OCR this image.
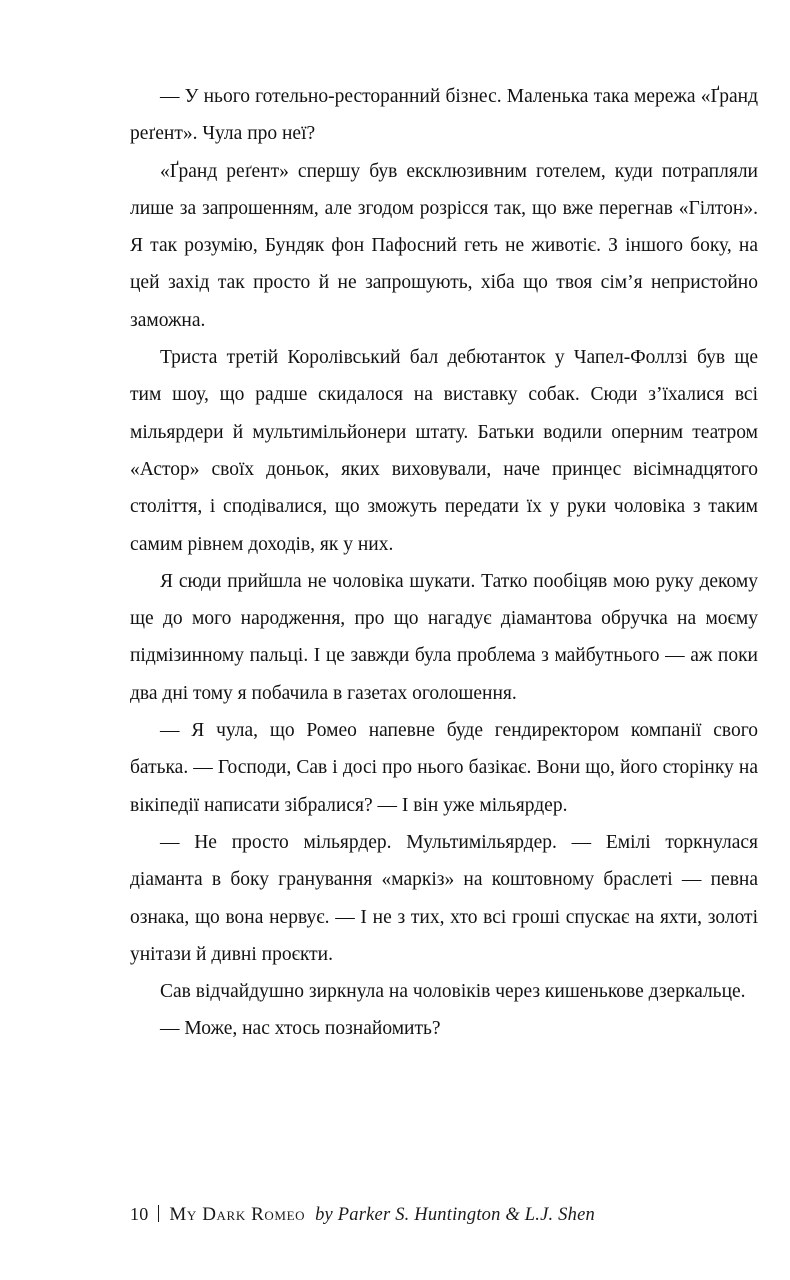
— У нього готельно-ресторанний бізнес. Маленька така мережа «Ґранд реґент». Чула про неї?

«Ґранд реґент» спершу був ексклюзивним готелем, куди потрапляли лише за запрошенням, але згодом розрісся так, що вже перегнав «Гілтон». Я так розумію, Бундяк фон Пафосний геть не животіє. З іншого боку, на цей захід так просто й не запрошують, хіба що твоя сім’я непристойно заможна.

Триста третій Королівський бал дебютанток у Чапел-Фоллзі був ще тим шоу, що радше скидалося на виставку собак. Сюди з’їхалися всі мільярдери й мультимільйонери штату. Батьки водили оперним театром «Астор» своїх доньок, яких виховували, наче принцес вісімнадцятого століття, і сподівалися, що зможуть передати їх у руки чоловіка з таким самим рівнем доходів, як у них.

Я сюди прийшла не чоловіка шукати. Татко пообіцяв мою руку декому ще до мого народження, про що нагадує діамантова обручка на моєму підмізинному пальці. І це завжди була проблема з майбутнього — аж поки два дні тому я побачила в газетах оголошення.

— Я чула, що Ромео напевне буде гендиректором компанії свого батька. — Господи, Сав і досі про нього базікає. Вони що, його сторінку на вікіпедії написати зібралися? — І він уже мільярдер.

— Не просто мільярдер. Мультимільярдер. — Емілі торкнулася діаманта в боку гранування «маркіз» на коштовному браслеті — певна ознака, що вона нервує. — І не з тих, хто всі гроші спускає на яхти, золоті унітази й дивні проєкти.

Сав відчайдушно зиркнула на чоловіків через кишенькове дзеркальце.

— Може, нас хтось познайомить?

10 My Dark Romeo by Parker S. Huntington & L.J. Shen
